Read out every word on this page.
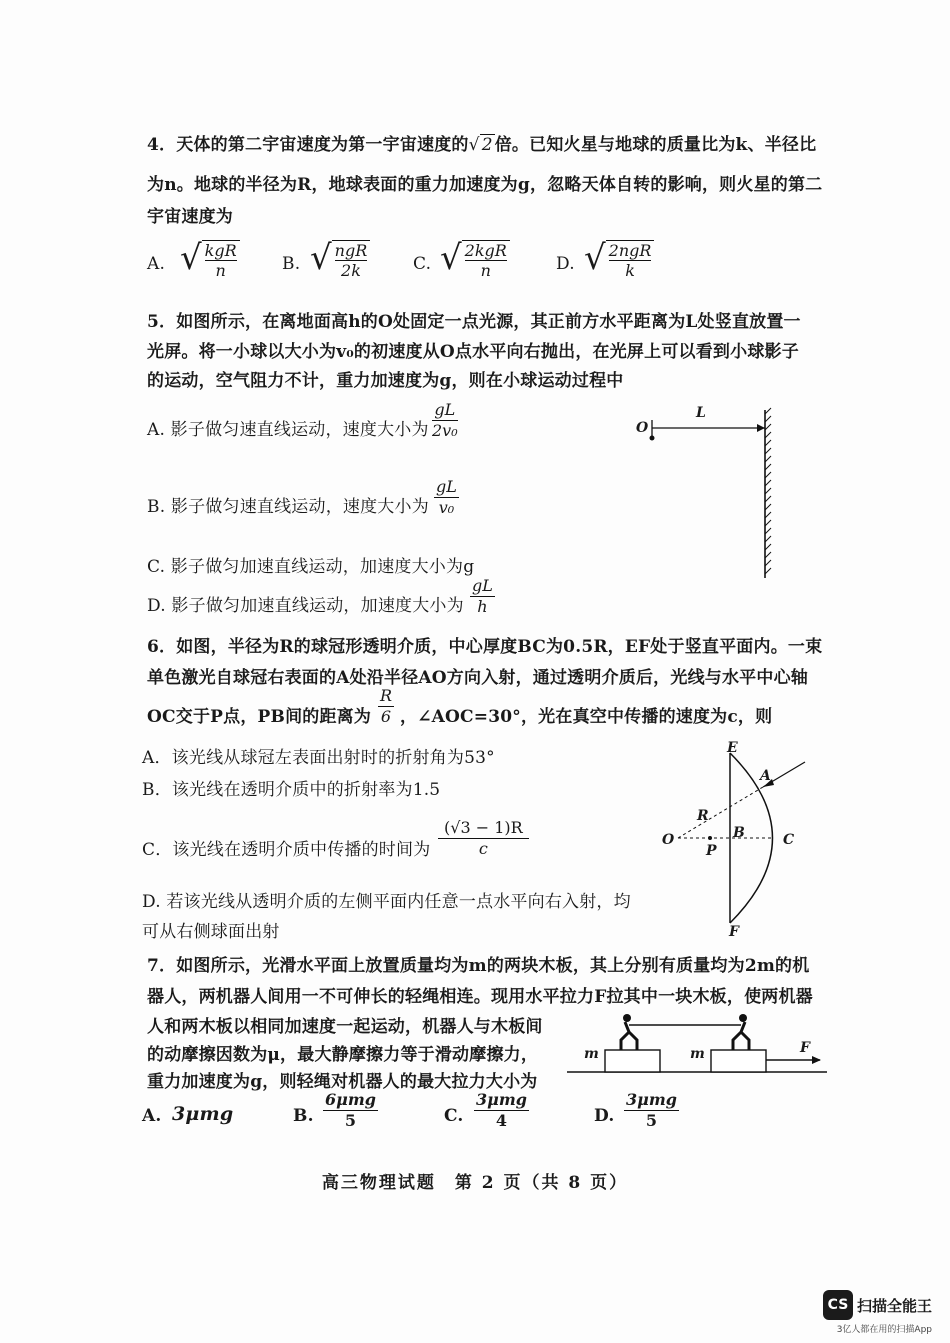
4．天体的第二宇宙速度为第一宇宙速度的√ 2 倍。已知火星与地球的质量比为k、半径比
为n。地球的半径为R，地球表面的重力加速度为g，忽略天体自转的影响，则火星的第二
宇宙速度为
A. √ kgR
n	B. √ ngR
2k	C. √ 2kgR
n	D. √ 2ngR
k
5．如图所示，在离地面高h的O处固定一点光源，其正前方水平距离为L处竖直放置一
光屏。将一小球以大小为v₀的初速度从O点水平向右抛出，在光屏上可以看到小球影子
的运动，空气阻力不计，重力加速度为g，则在小球运动过程中
A. 影子做匀速直线运动，速度大小为 $\frac{gL}{\text{2v₀}}$
B. 影子做匀速直线运动，速度大小为 $\frac{gL}{\text{v₀}}$
C. 影子做匀加速直线运动，加速度大小为g
D. 影子做匀加速直线运动，加速度大小为 $\frac{gL}{h}$
O
L
6．如图，半径为R的球冠形透明介质，中心厚度BC为0.5R，EF处于竖直平面内。一束
单色激光自球冠右表面的A处沿半径AO方向入射，通过透明介质后，光线与水平中心轴
OC交于P点，PB间的距离为 $\frac{R}{6}$ ，∠AOC=30°，光在真空中传播的速度为c，则
A．该光线从球冠左表面出射时的折射角为53°
B．该光线在透明介质中的折射率为1.5
C．该光线在透明介质中传播的时间为 $\frac{(√3 - 1)R}{c}$
D. 若该光线从透明介质的左侧平面内任意一点水平向右入射，均
可从右侧球面出射
E
A
R
O	B	C
P
F
7．如图所示，光滑水平面上放置质量均为m的两块木板，其上分别有质量均为2m的机
器人，两机器人间用一不可伸长的轻绳相连。现用水平拉力F拉其中一块木板，使两机器
人和两木板以相同加速度一起运动，机器人与木板间
的动摩擦因数为μ，最大静摩擦力等于滑动摩擦力，
重力加速度为g，则轻绳对机器人的最大拉力大小为
A. 3μmg	B.
6μmg
5	C.
3μmg
4	D.
3μmg
5
m	m	F
高三物理试题　第 2 页（共 8 页）
CS 扫描全能王
3亿人都在用的扫描App
